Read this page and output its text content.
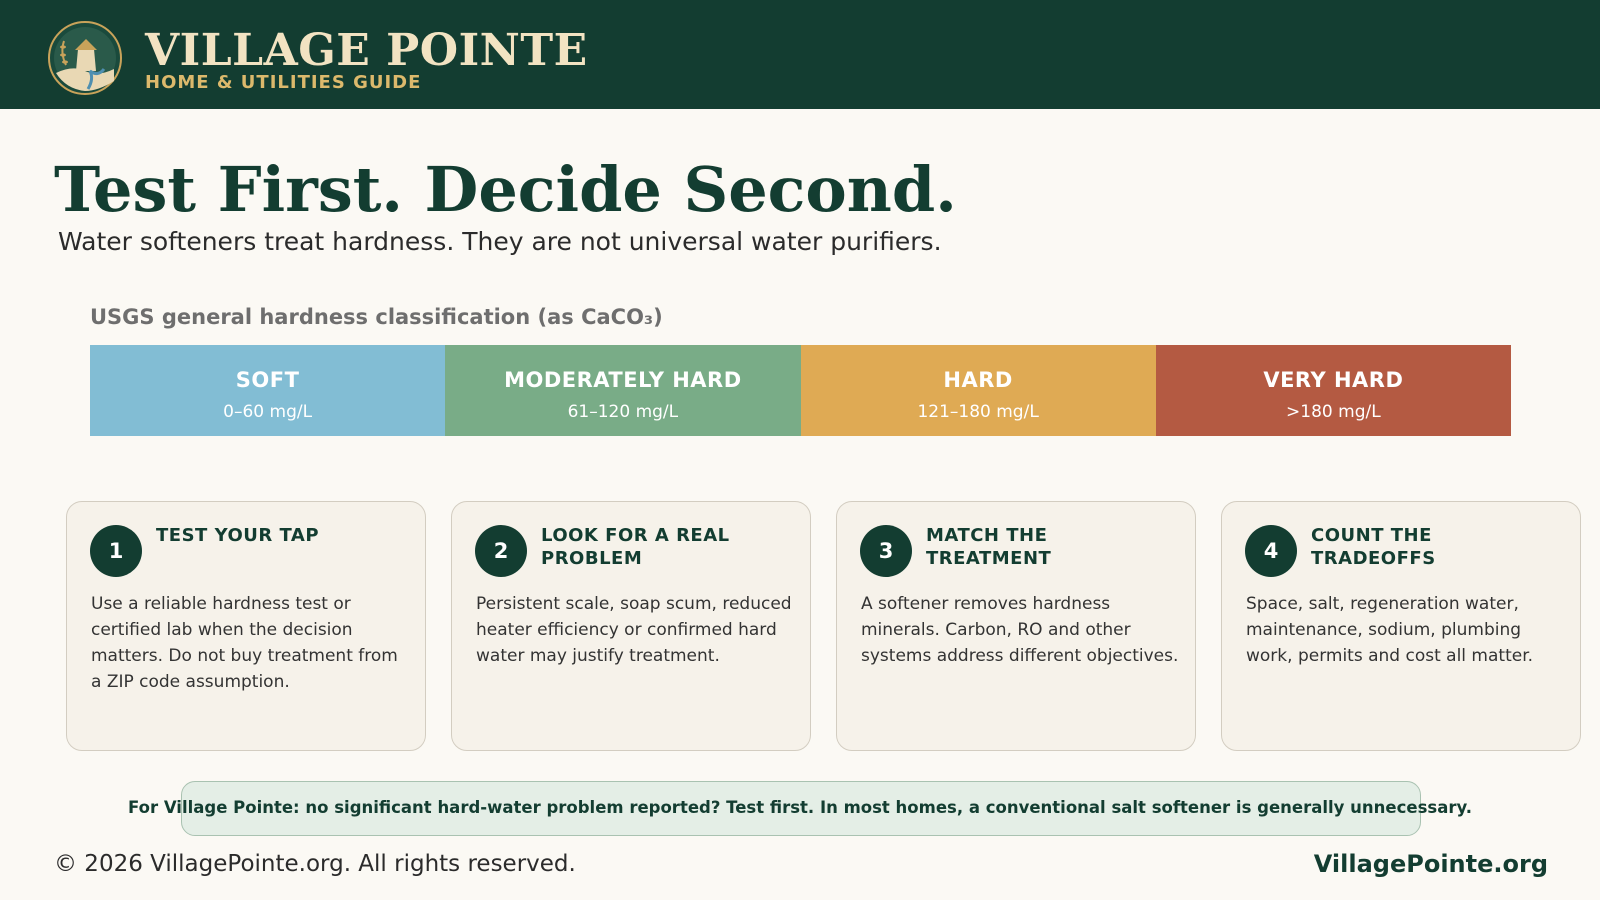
VILLAGE POINTE
HOME & UTILITIES GUIDE
Test First. Decide Second.

Water softeners treat hardness. They are not universal water purifiers.

USGS general hardness classification (as CaCO₃)
SOFT
0–60 mg/L
MODERATELY HARD
61–120 mg/L
HARD
121–180 mg/L
VERY HARD
>180 mg/L
1
TEST YOUR TAP
Use a reliable hardness test or certified lab when the decision matters. Do not buy treatment from a ZIP code assumption.
2
LOOK FOR A REAL PROBLEM
Persistent scale, soap scum, reduced heater efficiency or confirmed hard water may justify treatment.
3
MATCH THE TREATMENT
A softener removes hardness minerals. Carbon, RO and other systems address different objectives.
4
COUNT THE TRADEOFFS
Space, salt, regeneration water, maintenance, sodium, plumbing work, permits and cost all matter.
For Village Pointe: no significant hard-water problem reported? Test first. In most homes, a conventional salt softener is generally unnecessary.
© 2026 VillagePointe.org. All rights reserved.	VillagePointe.org
